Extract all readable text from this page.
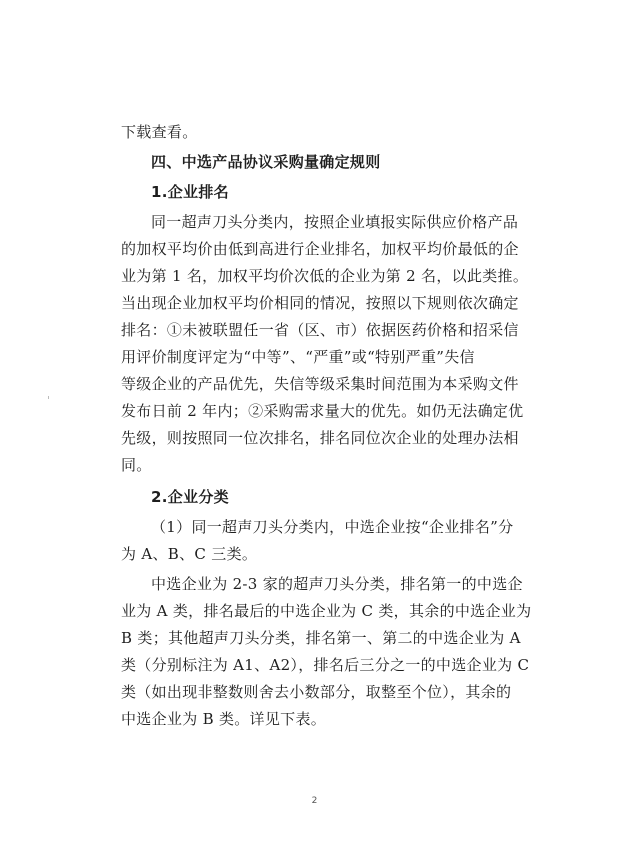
下载查看。
四、中选产品协议采购量确定规则
1.企业排名
同一超声刀头分类内，按照企业填报实际供应价格产品
的加权平均价由低到高进行企业排名，加权平均价最低的企
业为第 1 名，加权平均价次低的企业为第 2 名，以此类推。
当出现企业加权平均价相同的情况，按照以下规则依次确定
排名：①未被联盟任一省（区、市）依据医药价格和招采信
用评价制度评定为“中等”、“严重”或“特别严重”失信
等级企业的产品优先，失信等级采集时间范围为本采购文件
发布日前 2 年内；②采购需求量大的优先。如仍无法确定优
先级，则按照同一位次排名，排名同位次企业的处理办法相
同。
2.企业分类
（1）同一超声刀头分类内，中选企业按“企业排名”分
为 A、B、C 三类。
中选企业为 2-3 家的超声刀头分类，排名第一的中选企
业为 A 类，排名最后的中选企业为 C 类，其余的中选企业为
B 类；其他超声刀头分类，排名第一、第二的中选企业为 A
类（分别标注为 A1、A2），排名后三分之一的中选企业为 C
类（如出现非整数则舍去小数部分，取整至个位），其余的
中选企业为 B 类。详见下表。
2
